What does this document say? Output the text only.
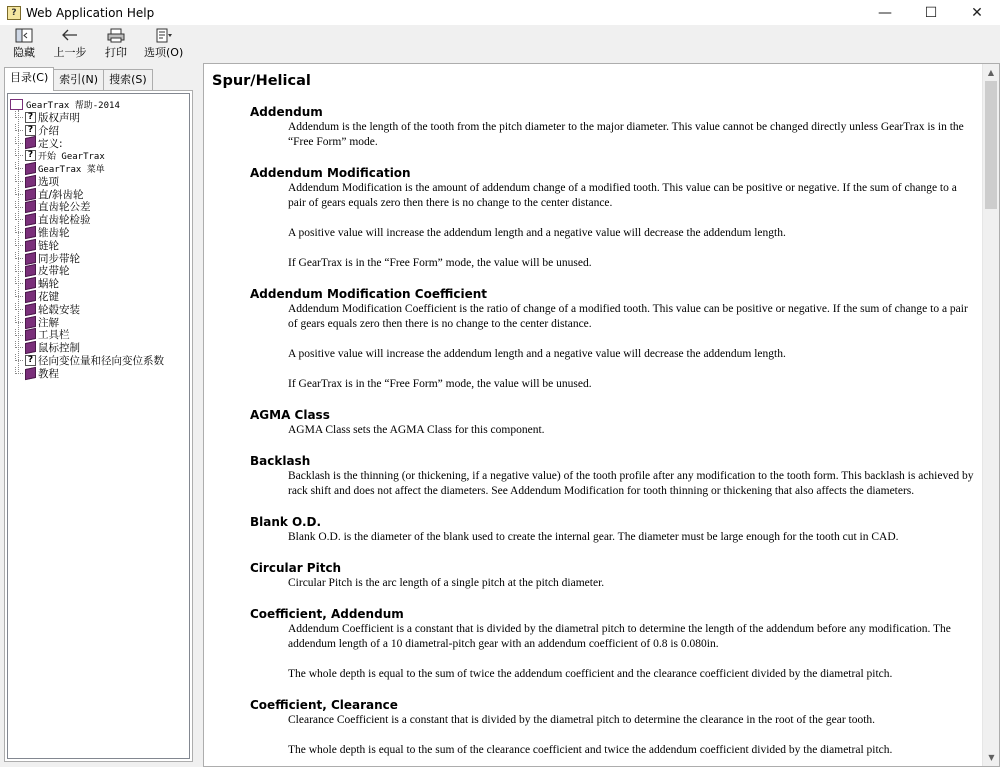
? Web Application Help	—	☐	✕
隐藏 上一步 打印 选项(O)
目录(C)	索引(N)	搜索(S)
GearTrax 帮助-2014
? 版权声明
? 介绍
定义:
? 开始 GearTrax
GearTrax 菜单
选项
直/斜齿轮
直齿轮公差
直齿轮检验
锥齿轮
链轮
同步带轮
皮带轮
蜗轮
花键
轮毂安装
注解
工具栏
鼠标控制
? 径向变位量和径向变位系数
教程
Spur/Helical
Addendum

Addendum is the length of the tooth from the pitch diameter to the major diameter. This value cannot be changed directly unless GearTrax is in the “Free Form” mode.

Addendum Modification

Addendum Modification is the amount of addendum change of a modified tooth. This value can be positive or negative. If the sum of change to a pair of gears equals zero then there is no change to the center distance.

A positive value will increase the addendum length and a negative value will decrease the addendum length.

If GearTrax is in the “Free Form” mode, the value will be unused.

Addendum Modification Coefficient

Addendum Modification Coefficient is the ratio of change of a modified tooth. This value can be positive or negative. If the sum of change to a pair of gears equals zero then there is no change to the center distance.

A positive value will increase the addendum length and a negative value will decrease the addendum length.

If GearTrax is in the “Free Form” mode, the value will be unused.

AGMA Class

AGMA Class sets the AGMA Class for this component.

Backlash

Backlash is the thinning (or thickening, if a negative value) of the tooth profile after any modification to the tooth form. This backlash is achieved by rack shift and does not affect the diameters. See Addendum Modification for tooth thinning or thickening that also affects the diameters.

Blank O.D.

Blank O.D. is the diameter of the blank used to create the internal gear. The diameter must be large enough for the tooth cut in CAD.

Circular Pitch

Circular Pitch is the arc length of a single pitch at the pitch diameter.

Coefficient, Addendum

Addendum Coefficient is a constant that is divided by the diametral pitch to determine the length of the addendum before any modification. The addendum length of a 10 diametral-pitch gear with an addendum coefficient of 0.8 is 0.080in.

The whole depth is equal to the sum of twice the addendum coefficient and the clearance coefficient divided by the diametral pitch.

Coefficient, Clearance

Clearance Coefficient is a constant that is divided by the diametral pitch to determine the clearance in the root of the gear tooth.

The whole depth is equal to the sum of the clearance coefficient and twice the addendum coefficient divided by the diametral pitch.

▲
▼
